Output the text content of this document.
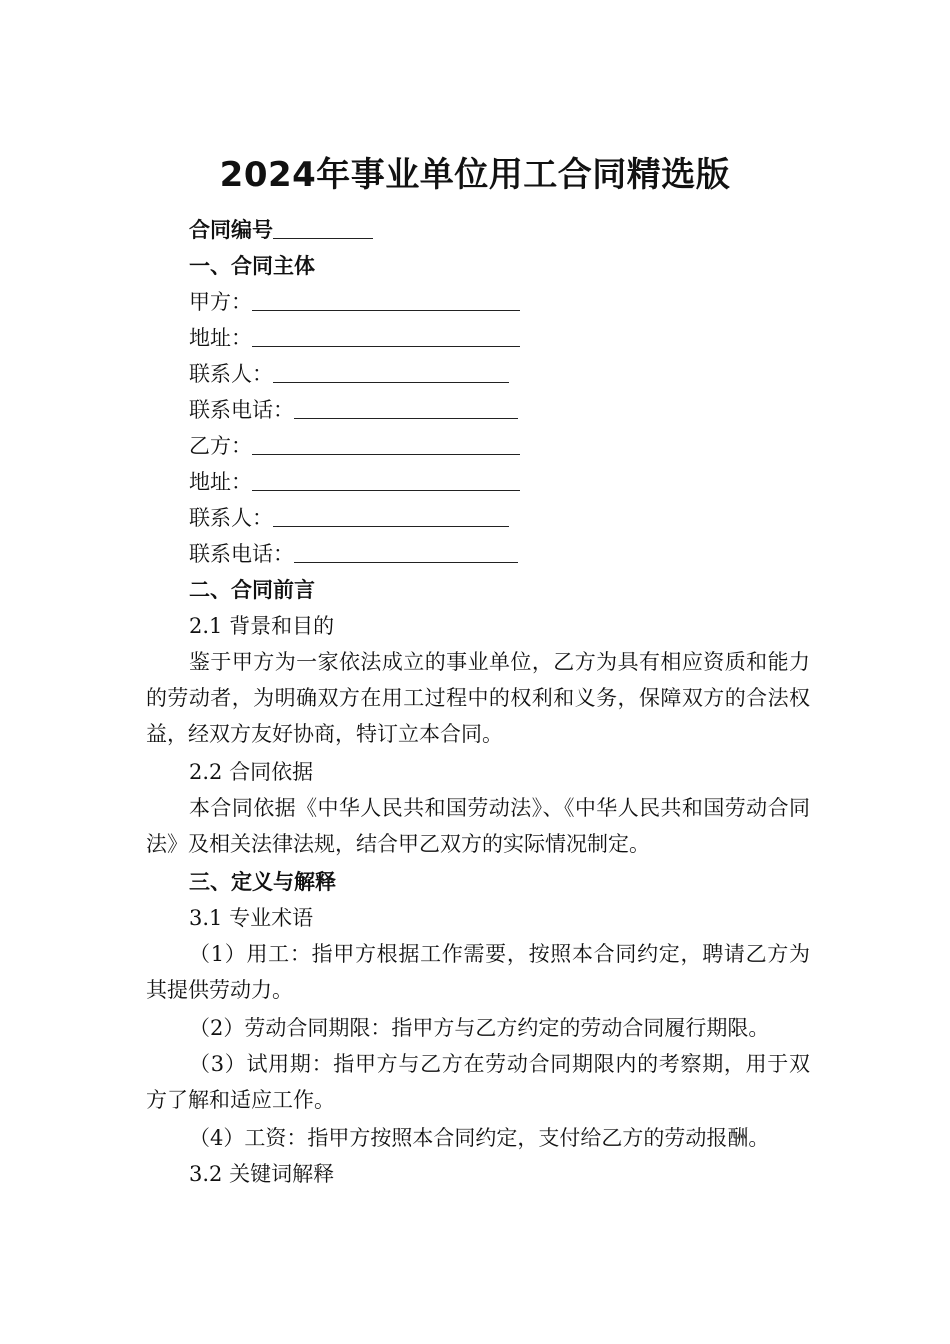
2024年事业单位用工合同精选版
合同编号
一、合同主体
甲方：
地址：
联系人：
联系电话：
乙方：
地址：
联系人：
联系电话：
二、合同前言
2.1 背景和目的
鉴于甲方为一家依法成立的事业单位，乙方为具有相应资质和能力的劳动者，为明确双方在用工过程中的权利和义务，保障双方的合法权益，经双方友好协商，特订立本合同。
2.2 合同依据
本合同依据《中华人民共和国劳动法》、《中华人民共和国劳动合同法》及相关法律法规，结合甲乙双方的实际情况制定。
三、定义与解释
3.1 专业术语
（1）用工：指甲方根据工作需要，按照本合同约定，聘请乙方为其提供劳动力。
（2）劳动合同期限：指甲方与乙方约定的劳动合同履行期限。
（3）试用期：指甲方与乙方在劳动合同期限内的考察期，用于双方了解和适应工作。
（4）工资：指甲方按照本合同约定，支付给乙方的劳动报酬。
3.2 关键词解释
